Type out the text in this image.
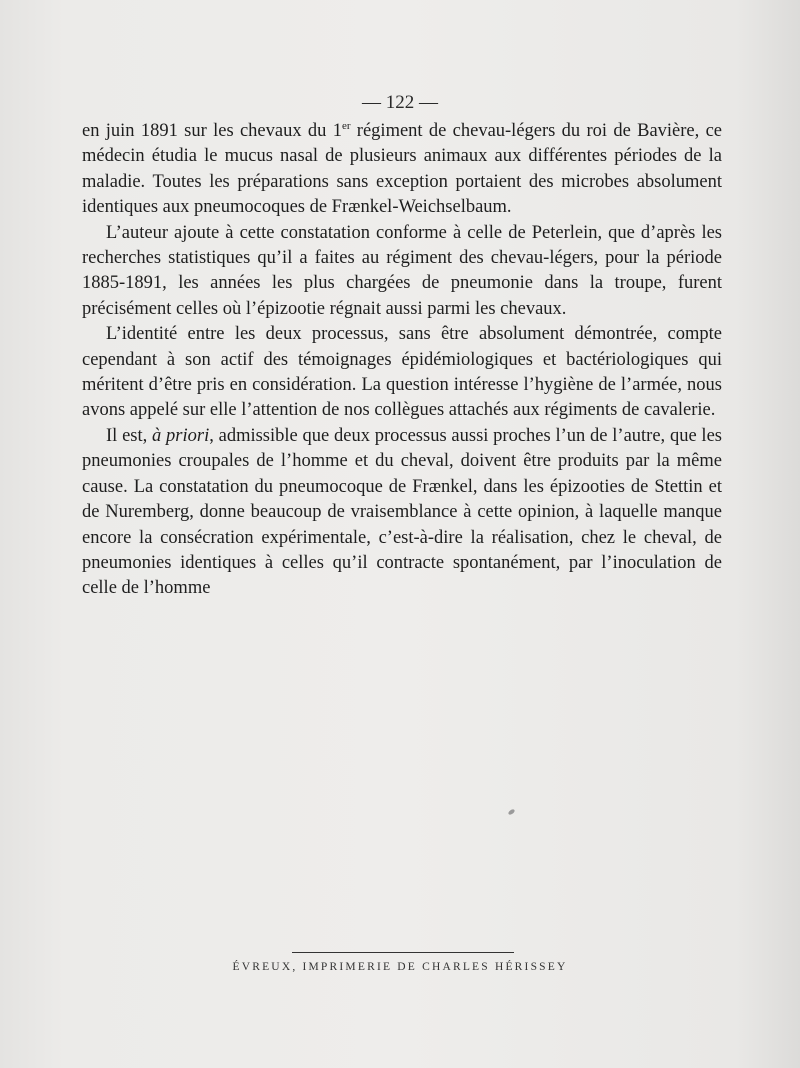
— 122 —

en juin 1891 sur les chevaux du 1er régiment de chevau-légers du roi de Bavière, ce médecin étudia le mucus nasal de plusieurs animaux aux différentes périodes de la maladie. Toutes les préparations sans exception portaient des microbes absolument identiques aux pneumocoques de Frænkel-Weichselbaum.

L’auteur ajoute à cette constatation conforme à celle de Peterlein, que d’après les recherches statistiques qu’il a faites au régiment des chevau-légers, pour la période 1885-1891, les années les plus chargées de pneumonie dans la troupe, furent précisément celles où l’épizootie régnait aussi parmi les chevaux.

L’identité entre les deux processus, sans être absolument démontrée, compte cependant à son actif des témoignages épidémiologiques et bactériologiques qui méritent d’être pris en considération. La question intéresse l’hygiène de l’armée, nous avons appelé sur elle l’attention de nos collègues attachés aux régiments de cavalerie.

Il est, à priori, admissible que deux processus aussi proches l’un de l’autre, que les pneumonies croupales de l’homme et du cheval, doivent être produits par la même cause. La constatation du pneumocoque de Frænkel, dans les épizooties de Stettin et de Nuremberg, donne beaucoup de vraisemblance à cette opinion, à laquelle manque encore la consécration expérimentale, c’est-à-dire la réalisation, chez le cheval, de pneumonies identiques à celles qu’il contracte spontanément, par l’inoculation de celle de l’homme

ÉVREUX, IMPRIMERIE DE CHARLES HÉRISSEY
